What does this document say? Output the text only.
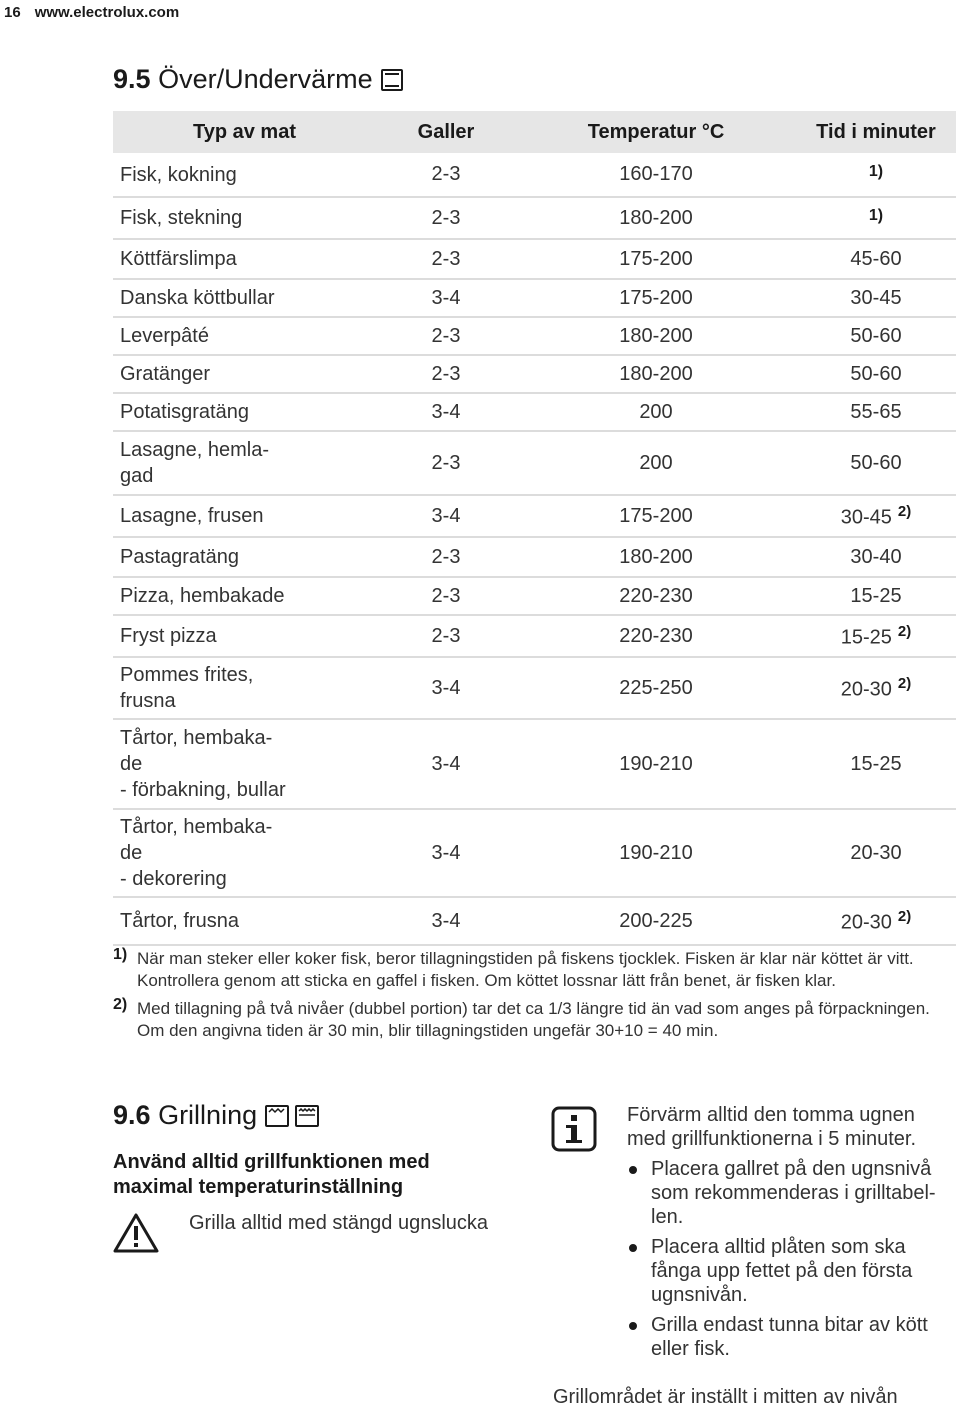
16 www.electrolux.com
9.5
Över/Undervärme
Typ av mat	Galler	Temperatur °C	Tid i minuter

Fisk, kokning	2-3	160-170	$^{1)}$

Fisk, stekning	2-3	180-200	$^{1)}$

Köttfärslimpa	2-3	175-200	45-60

Danska köttbullar	3-4	175-200	30-45

Leverpâté	2-3	180-200	50-60

Gratänger	2-3	180-200	50-60

Potatisgratäng	3-4	200	55-65

Lasagne, hemla-
gad	2-3	200	50-60

Lasagne, frusen	3-4	175-200	30-45 $^{2)}$

Pastagratäng	2-3	180-200	30-40

Pizza, hembakade	2-3	220-230	15-25

Fryst pizza	2-3	220-230	15-25 $^{2)}$

Pommes frites,
frusna	3-4	225-250	20-30 $^{2)}$

Tårtor, hembaka-
de
- förbakning, bullar	3-4	190-210	15-25

Tårtor, hembaka-
de
- dekorering	3-4	190-210	20-30

Tårtor, frusna	3-4	200-225	20-30 $^{2)}$
1) När man steker eller koker fisk, beror tillagningstiden på fiskens tjocklek. Fisken är klar när köttet är vitt. Kontrollera genom att sticka en gaffel i fisken. Om köttet lossnar lätt från benet, är fisken klar.
2) Med tillagning på två nivåer (dubbel portion) tar det ca 1/3 längre tid än vad som anges på förpackningen. Om den angivna tiden är 30 min, blir tillagningstiden ungefär 30+10 = 40 min.
9.6
Grillning
Använd alltid grillfunktionen med maximal temperaturinställning
Grilla alltid med stängd ugnslucka

Förvärm alltid den tomma ugnen med grillfunktionerna i 5 minuter.

Placera gallret på den ugnsnivå som rekommenderas i grilltabel-len.
Placera alltid plåten som ska fånga upp fettet på den första ugnsnivån.
Grilla endast tunna bitar av kött eller fisk.
Grillområdet är inställt i mitten av nivån
